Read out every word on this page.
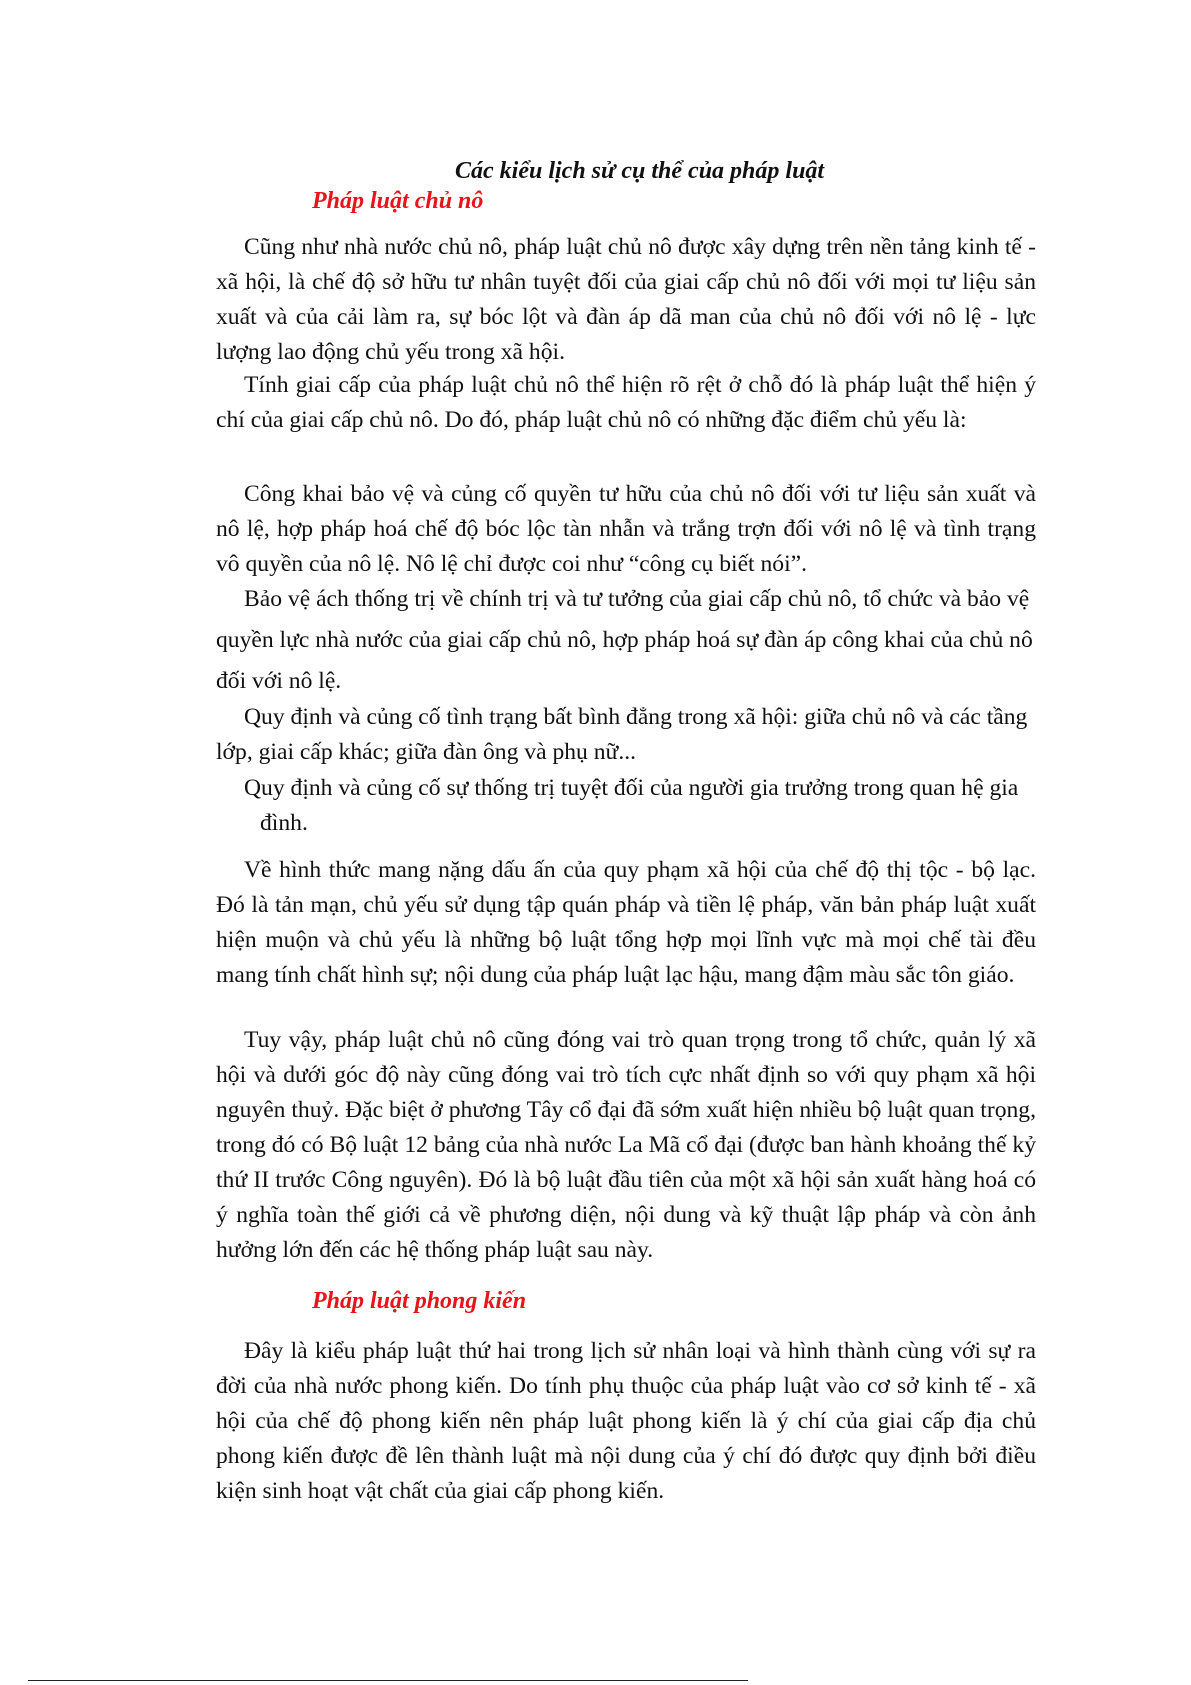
Các kiểu lịch sử cụ thể của pháp luật
Pháp luật chủ nô

Cũng như nhà nước chủ nô, pháp luật chủ nô được xây dựng trên nền tảng kinh tế - xã hội, là chế độ sở hữu tư nhân tuyệt đối của giai cấp chủ nô đối với mọi tư liệu sản xuất và của cải làm ra, sự bóc lột và đàn áp dã man của chủ nô đối với nô lệ - lực lượng lao động chủ yếu trong xã hội.

Tính giai cấp của pháp luật chủ nô thể hiện rõ rệt ở chỗ đó là pháp luật thể hiện ý chí của giai cấp chủ nô. Do đó, pháp luật chủ nô có những đặc điểm chủ yếu là:

Công khai bảo vệ và củng cố quyền tư hữu của chủ nô đối với tư liệu sản xuất và nô lệ, hợp pháp hoá chế độ bóc lộc tàn nhẫn và trắng trợn đối với nô lệ và tình trạng vô quyền của nô lệ. Nô lệ chỉ được coi như “công cụ biết nói”.

Bảo vệ ách thống trị về chính trị và tư tưởng của giai cấp chủ nô, tổ chức và bảo vệ quyền lực nhà nước của giai cấp chủ nô, hợp pháp hoá sự đàn áp công khai của chủ nô đối với nô lệ.

Quy định và củng cố tình trạng bất bình đẳng trong xã hội: giữa chủ nô và các tầng lớp, giai cấp khác; giữa đàn ông và phụ nữ...

Quy định và củng cố sự thống trị tuyệt đối của người gia trưởng trong quan hệ gia đình.

Về hình thức mang nặng dấu ấn của quy phạm xã hội của chế độ thị tộc - bộ lạc. Đó là tản mạn, chủ yếu sử dụng tập quán pháp và tiền lệ pháp, văn bản pháp luật xuất hiện muộn và chủ yếu là những bộ luật tổng hợp mọi lĩnh vực mà mọi chế tài đều mang tính chất hình sự; nội dung của pháp luật lạc hậu, mang đậm màu sắc tôn giáo.

Tuy vậy, pháp luật chủ nô cũng đóng vai trò quan trọng trong tổ chức, quản lý xã hội và dưới góc độ này cũng đóng vai trò tích cực nhất định so với quy phạm xã hội nguyên thuỷ. Đặc biệt ở phương Tây cổ đại đã sớm xuất hiện nhiều bộ luật quan trọng, trong đó có Bộ luật 12 bảng của nhà nước La Mã cổ đại (được ban hành khoảng thế kỷ thứ II trước Công nguyên). Đó là bộ luật đầu tiên của một xã hội sản xuất hàng hoá có ý nghĩa toàn thế giới cả về phương diện, nội dung và kỹ thuật lập pháp và còn ảnh hưởng lớn đến các hệ thống pháp luật sau này.

Pháp luật phong kiến

Đây là kiểu pháp luật thứ hai trong lịch sử nhân loại và hình thành cùng với sự ra đời của nhà nước phong kiến. Do tính phụ thuộc của pháp luật vào cơ sở kinh tế - xã hội của chế độ phong kiến nên pháp luật phong kiến là ý chí của giai cấp địa chủ phong kiến được đề lên thành luật mà nội dung của ý chí đó được quy định bởi điều kiện sinh hoạt vật chất của giai cấp phong kiến.
